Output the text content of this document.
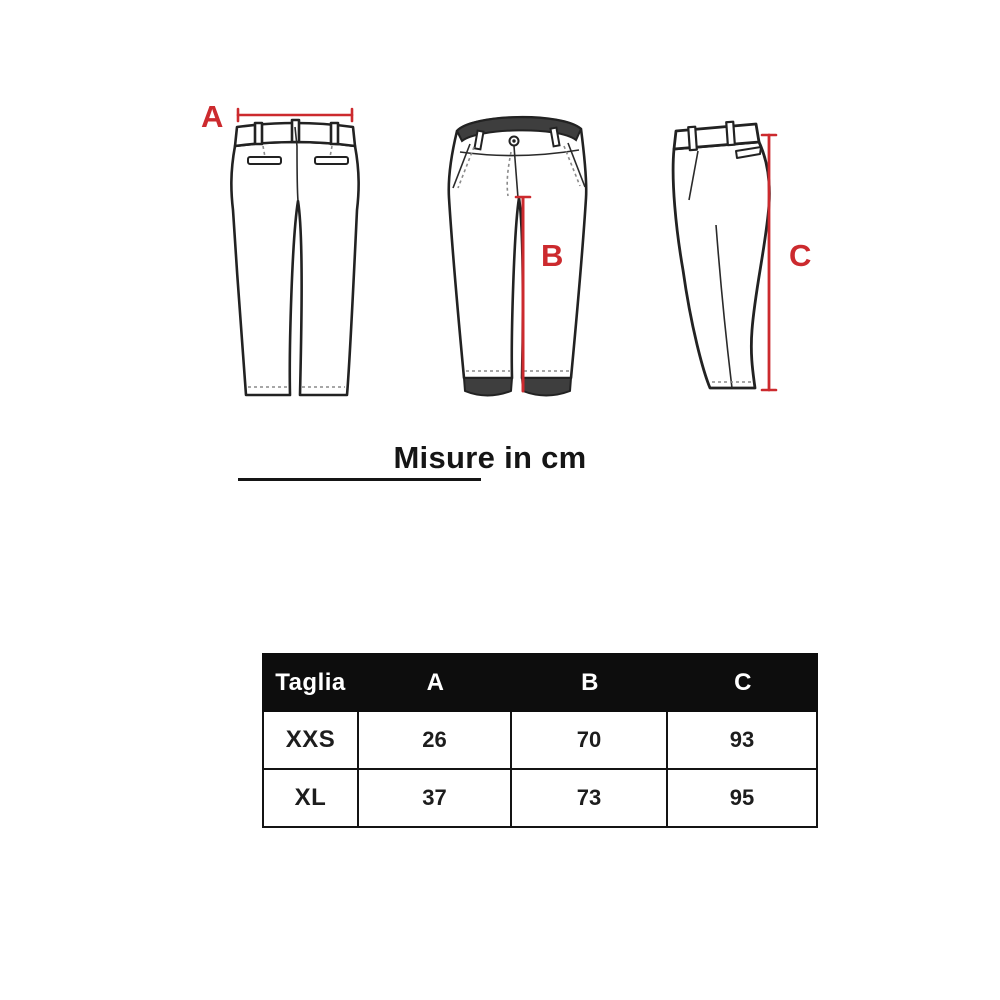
A
B	C
Misure in cm
Taglia	A	B	C
XXS	26	70	93
XL	37	73	95
